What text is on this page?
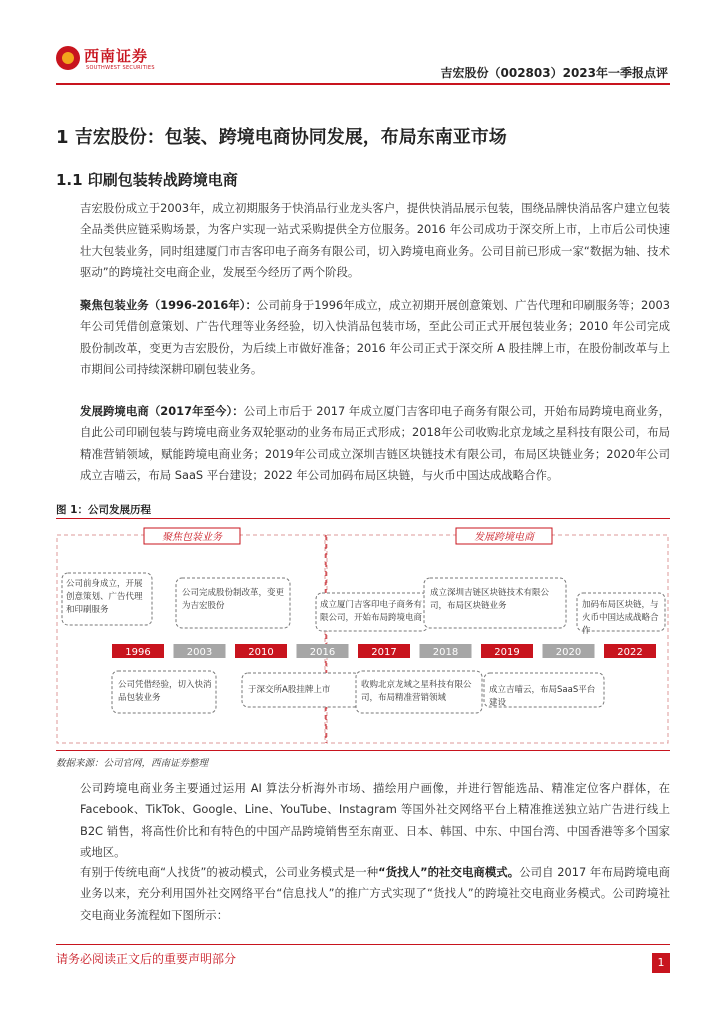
西南证券
SOUTHWEST SECURITIES	吉宏股份（002803）2023年一季报点评
1 吉宏股份：包装、跨境电商协同发展，布局东南亚市场
1.1 印刷包装转战跨境电商
吉宏股份成立于2003年，成立初期服务于快消品行业龙头客户，提供快消品展示包装，围绕品牌快消品客户建立包装全品类供应链采购场景，为客户实现一站式采购提供全方位服务。2016 年公司成功于深交所上市，上市后公司快速壮大包装业务，同时组建厦门市吉客印电子商务有限公司，切入跨境电商业务。公司目前已形成一家“数据为轴、技术驱动”的跨境社交电商企业，发展至今经历了两个阶段。
聚焦包装业务（1996-2016年）：公司前身于1996年成立，成立初期开展创意策划、广告代理和印刷服务等；2003 年公司凭借创意策划、广告代理等业务经验，切入快消品包装市场，至此公司正式开展包装业务；2010 年公司完成股份制改革，变更为吉宏股份，为后续上市做好准备；2016 年公司正式于深交所 A 股挂牌上市，在股份制改革与上市期间公司持续深耕印刷包装业务。
发展跨境电商（2017年至今）：公司上市后于 2017 年成立厦门吉客印电子商务有限公司，开始布局跨境电商业务，自此公司印刷包装与跨境电商业务双轮驱动的业务布局正式形成；2018年公司收购北京龙域之星科技有限公司，布局精准营销领域，赋能跨境电商业务；2019年公司成立深圳吉链区块链技术有限公司，布局区块链业务；2020年公司成立吉喵云，布局 SaaS 平台建设；2022 年公司加码布局区块链，与火币中国达成战略合作。
图 1：公司发展历程
聚焦包装业务	发展跨境电商
1996	2003	2010	2016	2017	2018	2019	2020	2022
公司前身成立，开展创意策划、广告代理和印刷服务
公司完成股份制改革，变更为吉宏股份	成立厦门吉客印电子商务有限公司，开始布局跨境电商
成立深圳吉链区块链技术有限公司，布局区块链业务	加码布局区块链，与火币中国达成战略合作
公司凭借经验，切入快消品包装业务
于深交所A股挂牌上市	收购北京龙域之星科技有限公司，布局精准营销领域
成立吉喵云，布局SaaS平台建设
数据来源：公司官网，西南证券整理
公司跨境电商业务主要通过运用 AI 算法分析海外市场、描绘用户画像，并进行智能选品、精准定位客户群体，在 Facebook、TikTok、Google、Line、YouTube、Instagram 等国外社交网络平台上精准推送独立站广告进行线上 B2C 销售，将高性价比和有特色的中国产品跨境销售至东南亚、日本、韩国、中东、中国台湾、中国香港等多个国家或地区。
有别于传统电商“人找货”的被动模式，公司业务模式是一种“货找人”的社交电商模式。公司自 2017 年布局跨境电商业务以来，充分利用国外社交网络平台“信息找人”的推广方式实现了“货找人”的跨境社交电商业务模式。公司跨境社交电商业务流程如下图所示：
请务必阅读正文后的重要声明部分	1
